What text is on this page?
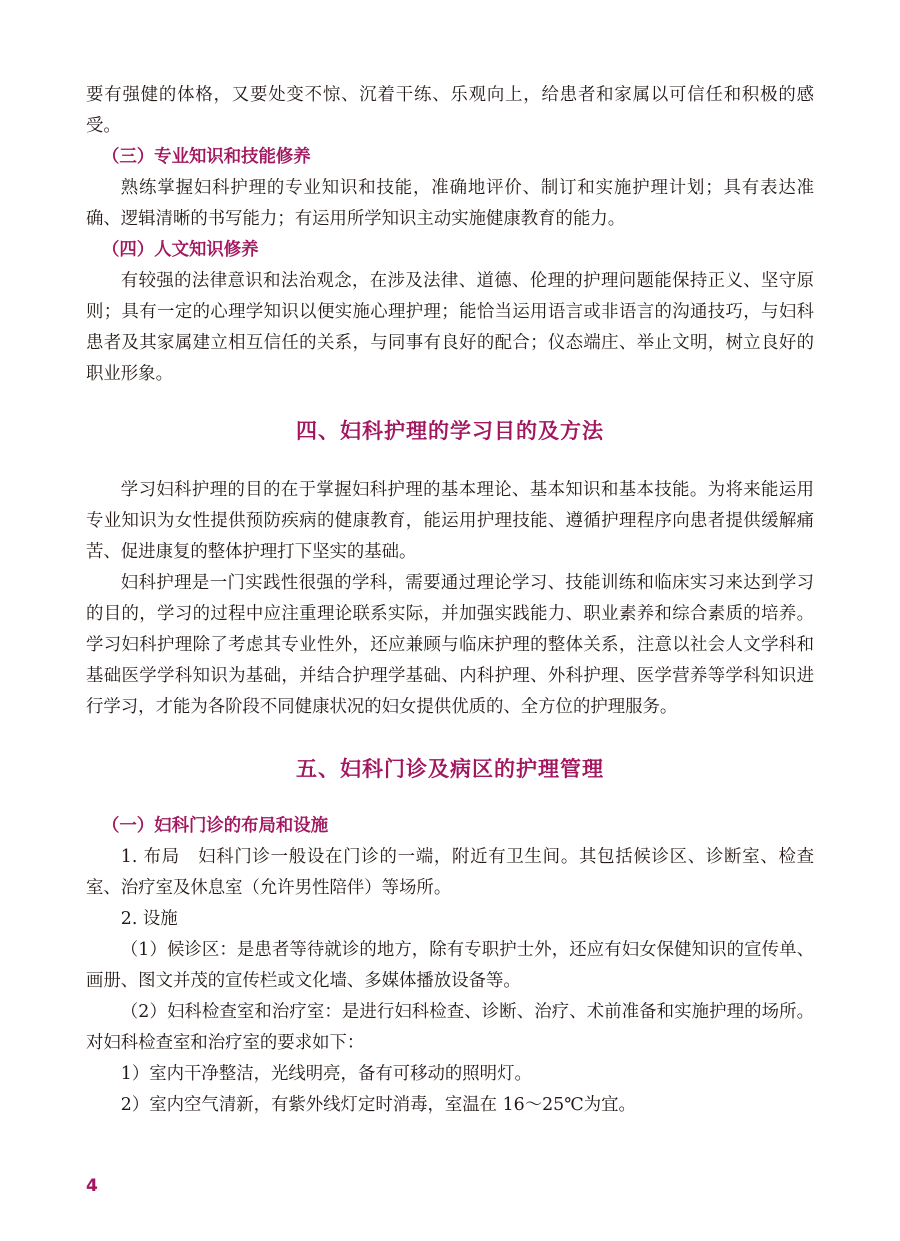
要有强健的体格，又要处变不惊、沉着干练、乐观向上，给患者和家属以可信任和积极的感受。

（三）专业知识和技能修养

熟练掌握妇科护理的专业知识和技能，准确地评价、制订和实施护理计划；具有表达准确、逻辑清晰的书写能力；有运用所学知识主动实施健康教育的能力。

（四）人文知识修养

有较强的法律意识和法治观念，在涉及法律、道德、伦理的护理问题能保持正义、坚守原则；具有一定的心理学知识以便实施心理护理；能恰当运用语言或非语言的沟通技巧，与妇科患者及其家属建立相互信任的关系，与同事有良好的配合；仪态端庄、举止文明，树立良好的职业形象。

四、妇科护理的学习目的及方法

学习妇科护理的目的在于掌握妇科护理的基本理论、基本知识和基本技能。为将来能运用专业知识为女性提供预防疾病的健康教育，能运用护理技能、遵循护理程序向患者提供缓解痛苦、促进康复的整体护理打下坚实的基础。

妇科护理是一门实践性很强的学科，需要通过理论学习、技能训练和临床实习来达到学习的目的，学习的过程中应注重理论联系实际，并加强实践能力、职业素养和综合素质的培养。学习妇科护理除了考虑其专业性外，还应兼顾与临床护理的整体关系，注意以社会人文学科和基础医学学科知识为基础，并结合护理学基础、内科护理、外科护理、医学营养等学科知识进行学习，才能为各阶段不同健康状况的妇女提供优质的、全方位的护理服务。

五、妇科门诊及病区的护理管理
（一）妇科门诊的布局和设施

1. 布局　妇科门诊一般设在门诊的一端，附近有卫生间。其包括候诊区、诊断室、检查室、治疗室及休息室（允许男性陪伴）等场所。

2. 设施

（1）候诊区：是患者等待就诊的地方，除有专职护士外，还应有妇女保健知识的宣传单、画册、图文并茂的宣传栏或文化墙、多媒体播放设备等。

（2）妇科检查室和治疗室：是进行妇科检查、诊断、治疗、术前准备和实施护理的场所。对妇科检查室和治疗室的要求如下：

1）室内干净整洁，光线明亮，备有可移动的照明灯。

2）室内空气清新，有紫外线灯定时消毒，室温在 16～25℃为宜。

4
